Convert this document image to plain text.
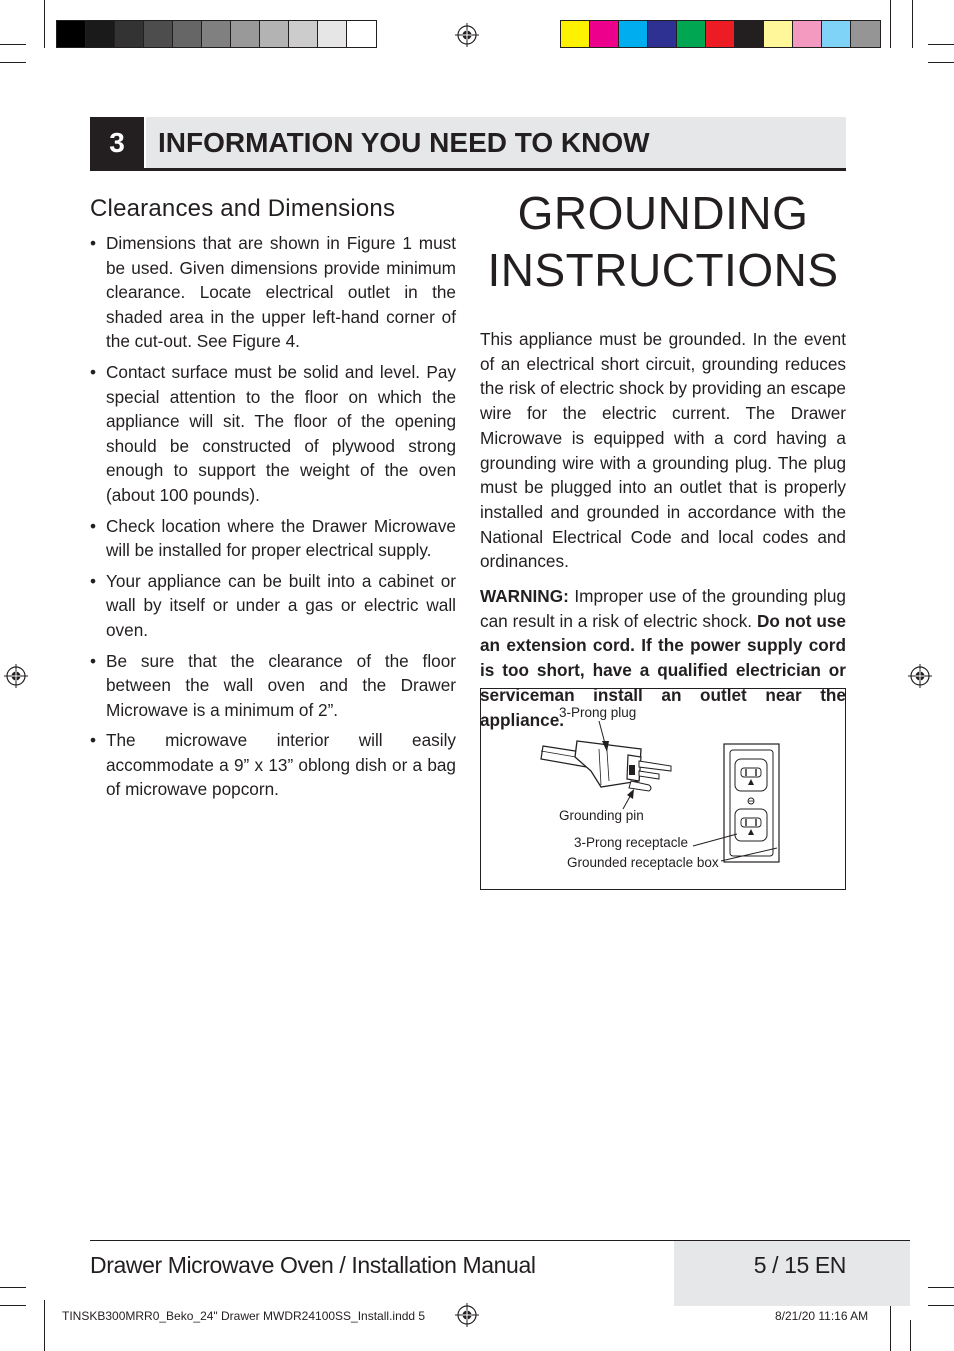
3	INFORMATION YOU NEED TO KNOW
Clearances and Dimensions
• Dimensions that are shown in Figure 1 must be used. Given dimensions provide minimum clearance. Locate electrical outlet in the shaded area in the upper left-hand corner of the cut-out. See Figure 4.
• Contact surface must be solid and level. Pay special attention to the floor on which the appliance will sit. The floor of the opening should be constructed of plywood strong enough to support the weight of the oven (about 100 pounds).
• Check location where the Drawer Microwave will be installed for proper electrical supply.
• Your appliance can be built into a cabinet or wall by itself or under a gas or electric wall oven.
• Be sure that the clearance of the floor between the wall oven and the Drawer Microwave is a minimum of 2”.
• The microwave interior will easily accommodate a 9” x 13” oblong dish or a bag of microwave popcorn.
GROUNDING
INSTRUCTIONS

This appliance must be grounded. In the event of an electrical short circuit, grounding reduces the risk of electric shock by providing an escape wire for the electric current. The Drawer Microwave is equipped with a cord having a grounding wire with a grounding plug. The plug must be plugged into an outlet that is properly installed and grounded in accordance with the National Electrical Code and local codes and ordinances.

WARNING: Improper use of the grounding plug can result in a risk of electric shock. Do not use an extension cord. If the power supply cord is too short, have a qualified electrician or serviceman install an outlet near the appliance.

3-Prong plug
Grounding pin
3-Prong receptacle
Grounded receptacle box
Drawer Microwave Oven / Installation Manual	5 / 15 EN
TINSKB300MRR0_Beko_24" Drawer MWDR24100SS_Install.indd 5	8/21/20 11:16 AM
